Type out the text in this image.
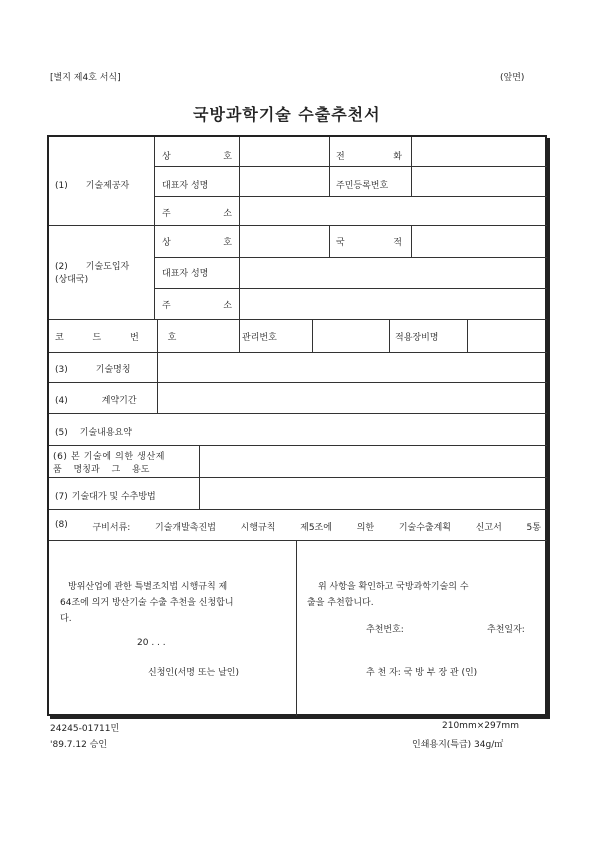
[별지 제4호 서식]	(앞면)
국방과학기술 수출추천서
(1) 기술제공자
상	호	전	화
대표자 성명	주민등록번호
주	소
(2) 기술도입자
(상대국)
상	호	국	적
대표자 성명
주	소
코 드 번 호	관리번호	적용장비명
(3)	기술명칭
(4)	계약기간
(5) 기술내용요약
(6) 본 기술에 의한 생산제
품 명칭과 그 용도
(7) 기술대가 및 수추방법
(8)	구비서류:	기술개발촉진법	시행규칙	제5조에	의한	기술수출계획	신고서	5통
방위산업에 관한 특별조치법 시행규칙 제
64조에 의거 방산기술 수출 추천을 신청합니
다.
20 . . .
신청인(서명 또는 날인)
위 사항을 확인하고 국방과학기술의 수
출을 추천합니다.
추천번호:	추천일자:
추 천 자: 국 방 부 장 관 (인)
24245-01711민
'89.7.12 승인
210mm×297mm
인쇄용지(특급) 34g/㎡
